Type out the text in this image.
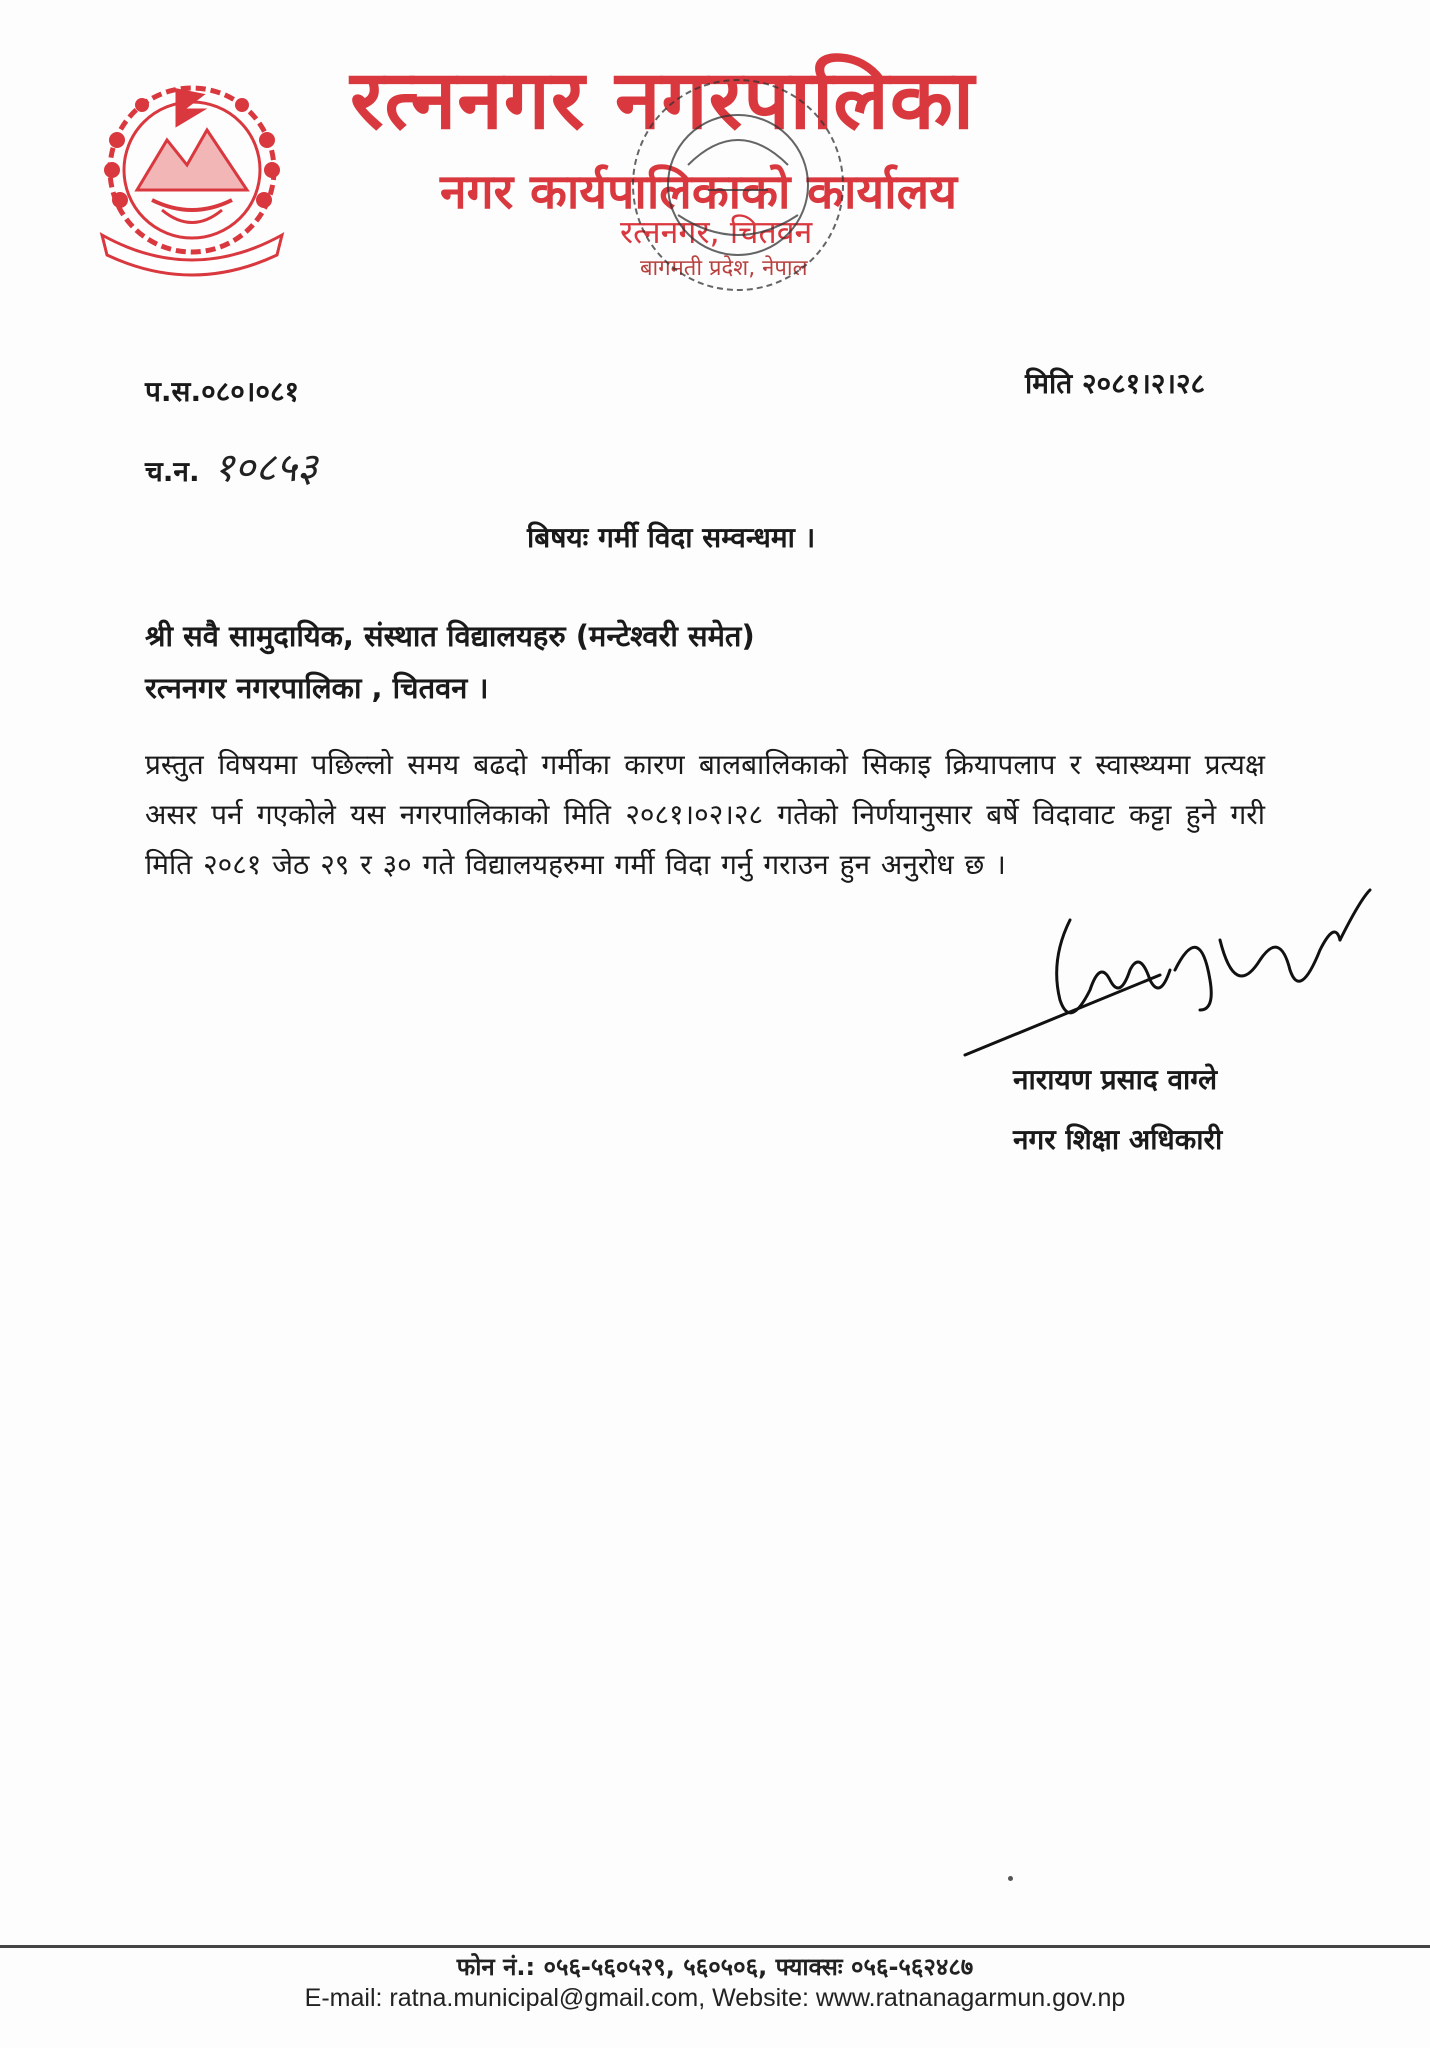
रत्ननगर नगरपालिका
नगर कार्यपालिकाको कार्यालय
रत्ननगर, चितवन
बागमती प्रदेश, नेपाल
प.स.०८०।०८१
च.न. १०८५३
मिति २०८१।२।२८
बिषयः गर्मी विदा सम्वन्धमा ।
श्री सवै सामुदायिक, संस्थात विद्यालयहरु (मन्टेश्वरी समेत)
रत्ननगर नगरपालिका , चितवन ।
प्रस्तुत विषयमा पछिल्लो समय बढदो गर्मीका कारण बालबालिकाको सिकाइ क्रियापलाप र स्वास्थ्यमा प्रत्यक्ष असर पर्न गएकोले यस नगरपालिकाको मिति २०८१।०२।२८ गतेको निर्णयानुसार बर्षे विदावाट कट्टा हुने गरी मिति २०८१ जेठ २९ र ३० गते विद्यालयहरुमा गर्मी विदा गर्नु गराउन हुन अनुरोध छ ।
नारायण प्रसाद वाग्ले
नगर शिक्षा अधिकारी
फोन नं.: ०५६-५६०५२९, ५६०५०६, फ्याक्सः ०५६-५६२४८७
E-mail: ratna.municipal@gmail.com, Website: www.ratnanagarmun.gov.np
